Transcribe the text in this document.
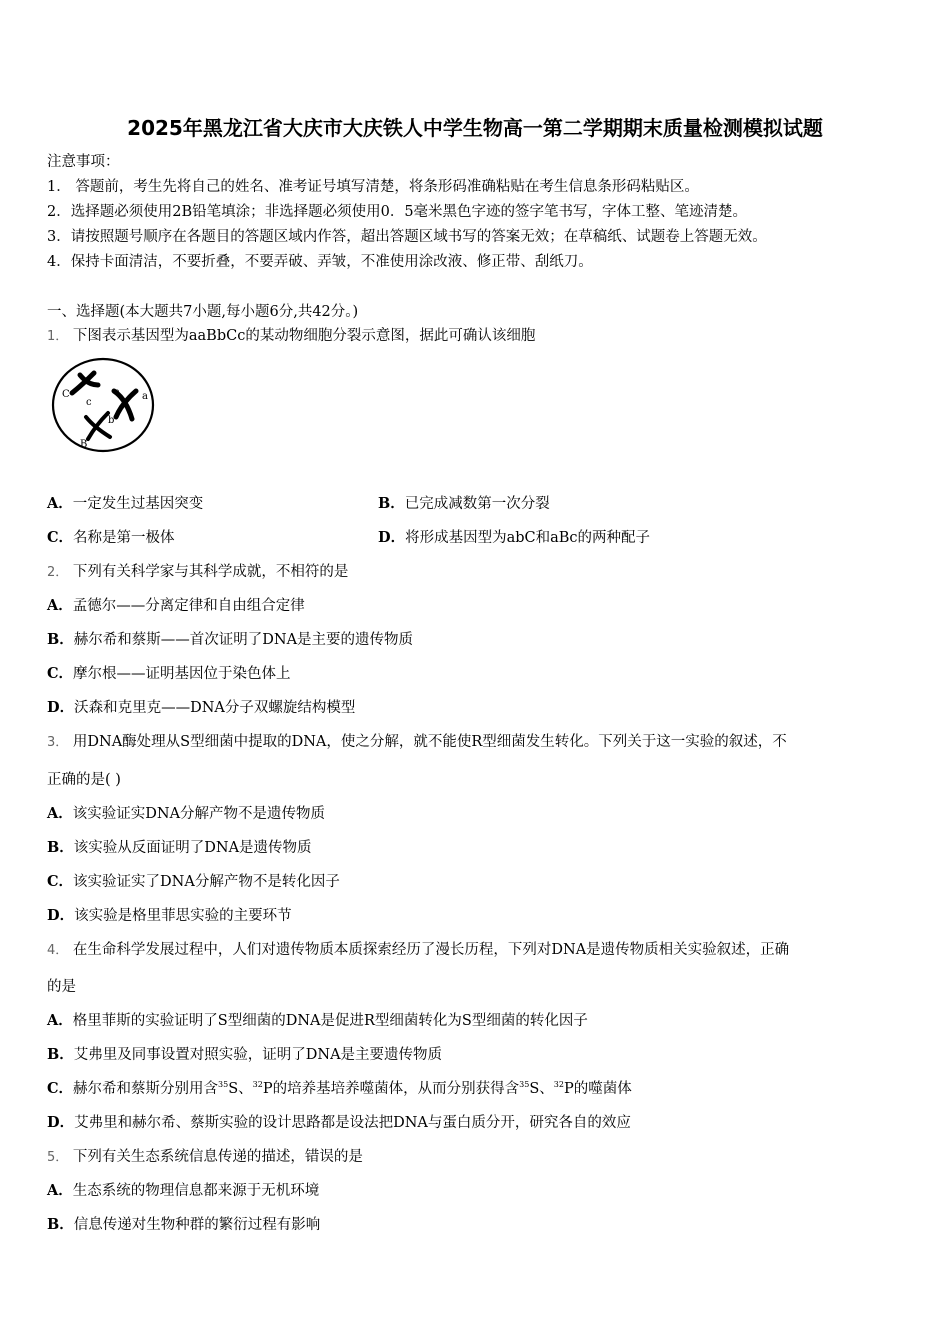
2025年黑龙江省大庆市大庆铁人中学生物高一第二学期期末质量检测模拟试题
注意事项：
1． 答题前，考生先将自己的姓名、准考证号填写清楚，将条形码准确粘贴在考生信息条形码粘贴区。
2．选择题必须使用2B铅笔填涂；非选择题必须使用0．5毫米黑色字迹的签字笔书写，字体工整、笔迹清楚。
3．请按照题号顺序在各题目的答题区域内作答，超出答题区域书写的答案无效；在草稿纸、试题卷上答题无效。
4．保持卡面清洁，不要折叠，不要弄破、弄皱，不准使用涂改液、修正带、刮纸刀。
一、选择题(本大题共7小题,每小题6分,共42分。)
1． 下图表示基因型为aaBbCc的某动物细胞分裂示意图，据此可确认该细胞
C
c
a a
B
b
A．一定发生过基因突变	B．已完成减数第一次分裂
C．名称是第一极体	D．将形成基因型为abC和aBc的两种配子
2． 下列有关科学家与其科学成就，不相符的是
A．孟德尔——分离定律和自由组合定律
B．赫尔希和蔡斯——首次证明了DNA是主要的遗传物质
C．摩尔根——证明基因位于染色体上
D．沃森和克里克——DNA分子双螺旋结构模型
3． 用DNA酶处理从S型细菌中提取的DNA，使之分解，就不能使R型细菌发生转化。下列关于这一实验的叙述，不
正确的是( )
A．该实验证实DNA分解产物不是遗传物质
B．该实验从反面证明了DNA是遗传物质
C．该实验证实了DNA分解产物不是转化因子
D．该实验是格里菲思实验的主要环节
4． 在生命科学发展过程中，人们对遗传物质本质探索经历了漫长历程，下列对DNA是遗传物质相关实验叙述，正确
的是
A．格里菲斯的实验证明了S型细菌的DNA是促进R型细菌转化为S型细菌的转化因子
B．艾弗里及同事设置对照实验，证明了DNA是主要遗传物质
C．赫尔希和蔡斯分别用含$^{35}$S、$^{32}$P的培养基培养噬菌体，从而分别获得含$^{35}$S、$^{32}$P的噬菌体
D．艾弗里和赫尔希、蔡斯实验的设计思路都是设法把DNA与蛋白质分开，研究各自的效应
5． 下列有关生态系统信息传递的描述，错误的是
A．生态系统的物理信息都来源于无机环境
B．信息传递对生物种群的繁衍过程有影响
